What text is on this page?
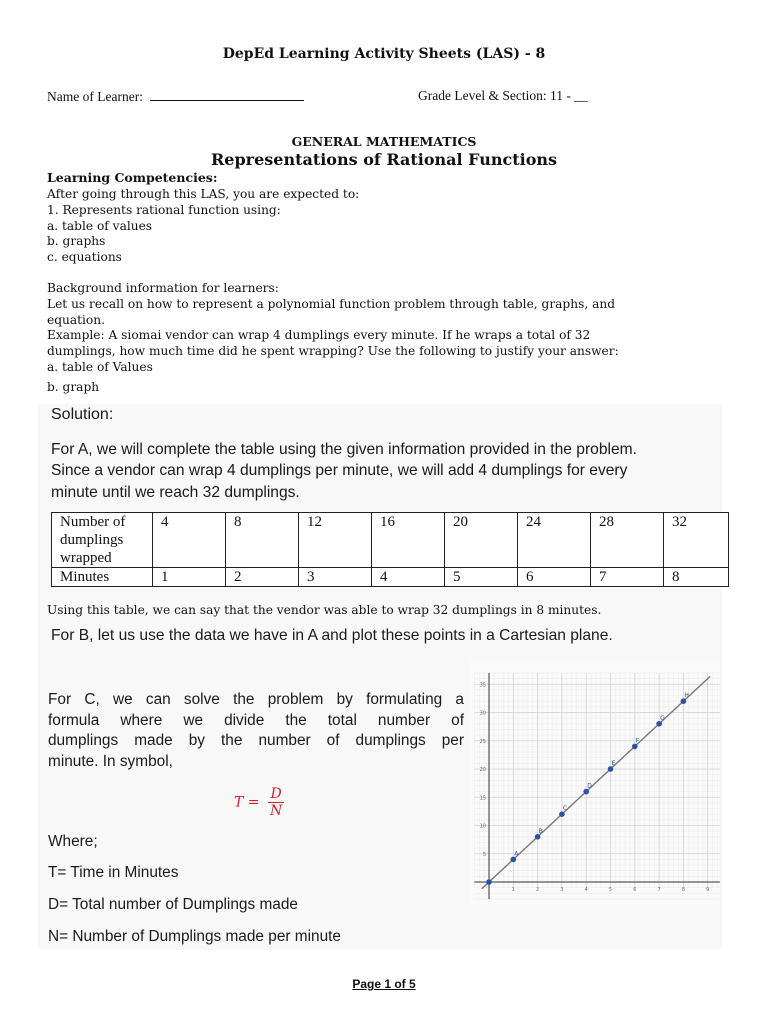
DepEd Learning Activity Sheets (LAS) - 8
Name of Learner:	Grade Level & Section: 11 - __
GENERAL MATHEMATICS
Representations of Rational Functions
Learning Competencies:
After going through this LAS, you are expected to:
1. Represents rational function using:
a. table of values
b. graphs
c. equations
Background information for learners:
Let us recall on how to represent a polynomial function problem through table, graphs, and
equation.
Example: A siomai vendor can wrap 4 dumplings every minute. If he wraps a total of 32
dumplings, how much time did he spent wrapping? Use the following to justify your answer:
a. table of Values
b. graph
Solution:
For A, we will complete the table using the given information provided in the problem.
Since a vendor can wrap 4 dumplings per minute, we will add 4 dumplings for every
minute until we reach 32 dumplings.
Number of dumplings wrapped	4	8	12	16	20	24	28	32
Minutes	1	2	3	4	5	6	7	8
Using this table, we can say that the vendor was able to wrap 32 dumplings in 8 minutes.
For B, let us use the data we have in A and plot these points in a Cartesian plane.
For C, we can solve the problem by formulating a
formula where we divide the total number of
dumplings made by the number of dumplings per
minute. In symbol,
$T = \frac{D}{N}$
Where;
T= Time in Minutes
D= Total number of Dumplings made
N= Number of Dumplings made per minute
1	2	3	4	5	6	7	8	9
5
10
15
20
25
30
35
A
B
C
D
E
F
G
H
Page 1 of 5
